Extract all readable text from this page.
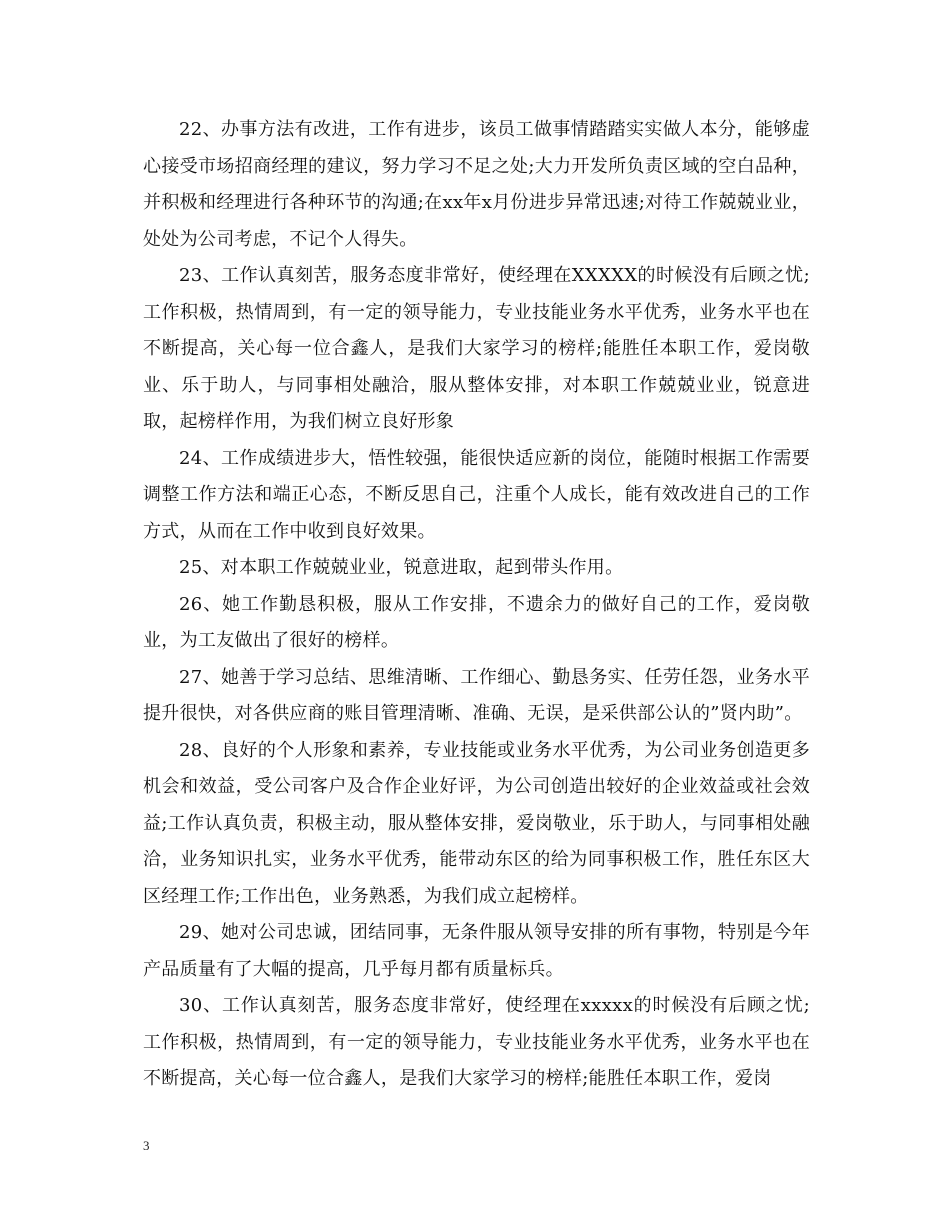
22、办事方法有改进，工作有进步，该员工做事情踏踏实实做人本分，能够虚心接受市场招商经理的建议，努力学习不足之处;大力开发所负责区域的空白品种，并积极和经理进行各种环节的沟通;在xx年x月份进步异常迅速;对待工作兢兢业业，处处为公司考虑，不记个人得失。

23、工作认真刻苦，服务态度非常好，使经理在XXXXX的时候没有后顾之忧;工作积极，热情周到，有一定的领导能力，专业技能业务水平优秀，业务水平也在不断提高，关心每一位合鑫人，是我们大家学习的榜样;能胜任本职工作，爱岗敬业、乐于助人，与同事相处融洽，服从整体安排，对本职工作兢兢业业，锐意进取，起榜样作用，为我们树立良好形象

24、工作成绩进步大，悟性较强，能很快适应新的岗位，能随时根据工作需要调整工作方法和端正心态，不断反思自己，注重个人成长，能有效改进自己的工作方式，从而在工作中收到良好效果。

25、对本职工作兢兢业业，锐意进取，起到带头作用。

26、她工作勤恳积极，服从工作安排，不遗余力的做好自己的工作，爱岗敬业，为工友做出了很好的榜样。

27、她善于学习总结、思维清晰、工作细心、勤恳务实、任劳任怨，业务水平提升很快，对各供应商的账目管理清晰、准确、无误，是采供部公认的”贤内助”。

28、良好的个人形象和素养，专业技能或业务水平优秀，为公司业务创造更多机会和效益，受公司客户及合作企业好评，为公司创造出较好的企业效益或社会效益;工作认真负责，积极主动，服从整体安排，爱岗敬业，乐于助人，与同事相处融洽，业务知识扎实，业务水平优秀，能带动东区的给为同事积极工作，胜任东区大区经理工作;工作出色，业务熟悉，为我们成立起榜样。

29、她对公司忠诚，团结同事，无条件服从领导安排的所有事物，特别是今年产品质量有了大幅的提高，几乎每月都有质量标兵。

30、工作认真刻苦，服务态度非常好，使经理在xxxxx的时候没有后顾之忧;工作积极，热情周到，有一定的领导能力，专业技能业务水平优秀，业务水平也在不断提高，关心每一位合鑫人，是我们大家学习的榜样;能胜任本职工作，爱岗

3
